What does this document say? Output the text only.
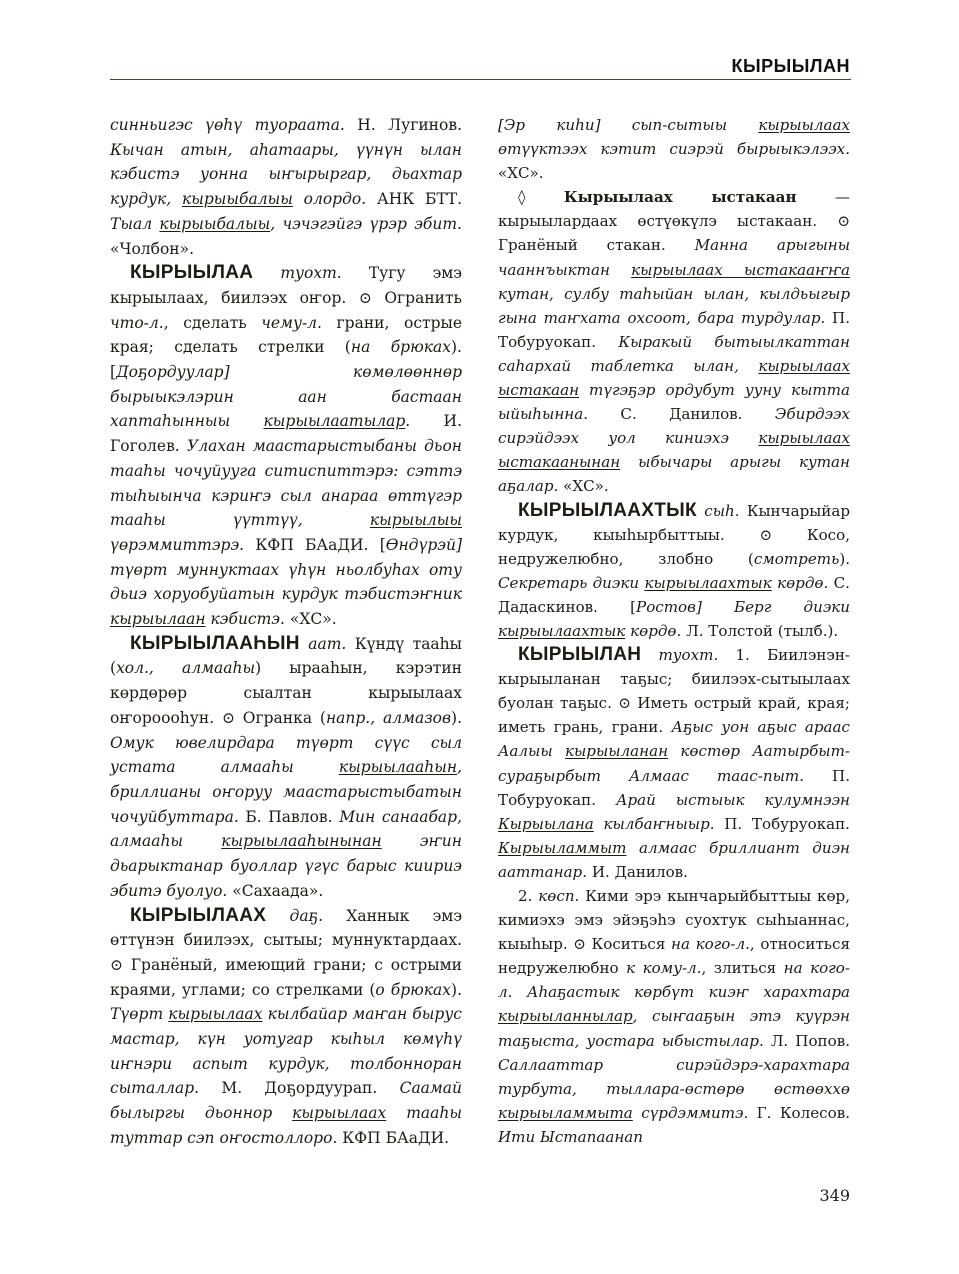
КЫРЫЫЛАН

синньигэс үөһү туораата. Н. Лугинов. Кычан атын, аһатаары, үүнүн ылан кэбистэ уонна ыҥырыргар, дьахтар курдук, кырыыбалыы олордо. АНК БТТ. Тыал кырыыбалыы, чэчэгэйгэ үрэр эбит. «Чолбон».

КЫРЫЫЛАА туохт. Тугу эмэ кырыылаах, биилээх оҥор. ⊙ Огранить что-л., сделать чему-л. грани, острые края; сделать стрелки (на брюках). [Доҕордуулар] көмөлөөннөр бырыыкэлэрин аан бастаан хаптаһынныы кырыылаатылар. И. Гоголев. Улахан маастарыстыбаны дьон тааһы чочуйууга ситиспиттэрэ: сэттэ тыһыынча кэриҥэ сыл анараа өттүгэр тааһы үүттүү, кырыылыы үөрэммиттэрэ. КФП БАаДИ. [Өндүрэй] түөрт муннуктаах үһүн ньолбуһах оту дьиэ хоруобуйатын курдук тэбистэҥник кырыылаан кэбистэ. «ХС».

КЫРЫЫЛААҺЫН аат. Күндү тааһы (хол., алмааһы) ырааһын, кэрэтин көрдөрөр сыалтан кырыылаах оҥороооһун. ⊙ Огранка (напр., алмазов). Омук ювелирдара түөрт сүүс сыл устата алмааһы кырыылааһын, бриллианы оҥоруу маастарыстыбатын чочуйбуттара. Б. Павлов. Мин санаабар, алмааһы кырыылааһынынан эҥин дьарыктанар буоллар үгүс барыс киириэ эбитэ буолуо. «Сахаада».

КЫРЫЫЛААХ даҕ. Ханнык эмэ өттүнэн биилээх, сытыы; муннуктардаах. ⊙ Гранёный, имеющий грани; с острыми краями, углами; со стрелками (о брюках). Түөрт кырыылаах кылбайар маҥан бырус мастар, күн уотугар кыһыл көмүһү иҥнэри аспыт курдук, толбонноран сыталлар. М. Доҕордуурап. Саамай былыргы дьоннор кырыылаах тааһы туттар сэп оҥостоллоро. КФП БАаДИ.

[Эр киһи] сып-сытыы кырыылаах өтүүктээх кэтит сиэрэй бырыыкэлээх. «ХС».

◊	Кырыылаах ыстакаан — кырыылардаах өстүөкүлэ ыстакаан. ⊙ Гранёный стакан. Манна арыгыны чааннъыктан кырыылаах ыстакааҥҥа кутан, сулбу таһыйан ылан, кылдьыгыр гына таҥхата охсоот, бара турдулар. П. Тобуруокап. Кыракый бытыылкаттан саһархай таблетка ылан, кырыылаах ыстакаан түгэҕэр ордубут ууну кытта ыйыһынна. С. Данилов. Эбирдээх сирэйдээх уол киниэхэ кырыылаах ыстакаанынан ыбычары арыгы кутан аҕалар. «ХС».

КЫРЫЫЛААХТЫК сыһ. Кынчарыйар курдук, кыыһырбыттыы. ⊙ Косо, недружелюбно, злобно (смотреть). Секретарь диэки кырыылаахтык көрдө. С. Дадаскинов. [Ростов] Берг диэки кырыылаахтык көрдө. Л. Толстой (тылб.).

КЫРЫЫЛАН туохт. 1. Биилэнэн-кырыыланан таҕыс; биилээх-сытыылаах буолан таҕыс. ⊙ Иметь острый край, края; иметь грань, грани. Аҕыс уон аҕыс араас Аалыы кырыыланан көстөр Аатырбыт-сураҕырбыт Алмаас таас-пыт. П. Тобуруокап. Арай ыстыык кулумнээн Кырыылана кылбаҥныыр. П. Тобуруокап. Кырыыламмыт алмаас бриллиант диэн ааттанар. И. Данилов.

2. көсп. Кими эрэ кынчарыйбыттыы көр, кимиэхэ эмэ эйэҕэһэ суохтук сыһыаннас, кыыһыр. ⊙ Коситься на кого-л., относиться недружелюбно к кому-л., злиться на кого-л. Аһаҕастык көрбүт киэҥ харахтара кырыыланнылар, сыҥааҕын этэ куүрэн таҕыста, уостара ыбыстылар. Л. Попов. Саллааттар сирэйдэрэ-харахтара турбута, тыллара-өстөрө өстөөххө кырыыламмыта сүрдэммитэ. Г. Колесов. Ити Ыстапаанап

349
